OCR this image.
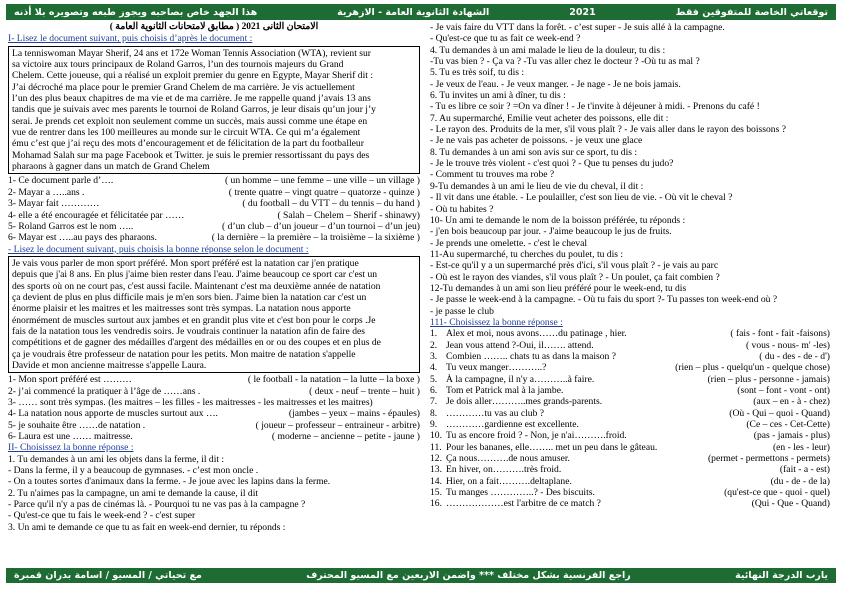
توقعاتي الخاصة للمتفوقين فقط
2021
الشهادة الثانوية العامة - الازهرية
هذا الجهد خاص بصاحبه ويجوز طبعه وتصويره بلا أذنه
الامتحان الثانى 2021 ( مطابق لامتحانات الثانوية العامة )
I- Lisez le document suivant, puis choisis d’après le document :
La tenniswoman Mayar Sherif, 24 ans et 172e Woman Tennis Association (WTA), revient sur
sa victoire aux tours principaux de Roland Garros, l’un des tournois majeurs du Grand
Chelem. Cette joueuse, qui a réalisé un exploit premier du genre en Egypte, Mayar Sherif dit :
J’ai décroché ma place pour le premier Grand Chelem de ma carrière. Je vis actuellement
l’un des plus beaux chapitres de ma vie et de ma carrière. Je me rappelle quand j’avais 13 ans
tandis que je suivais avec mes parents le tournoi de Roland Garros, je leur disais qu’un jour j’y
serai. Je prends cet exploit non seulement comme un succès, mais aussi comme une étape en
vue de rentrer dans les 100 meilleures au monde sur le circuit WTA. Ce qui m’a également
ému c’est que j’ai reçu des mots d’encouragement et de félicitation de la part du footballeur
Mohamad Salah sur ma page Facebook et Twitter. je suis le premier ressortissant du pays des
pharaons à gagner dans un match de Grand Chelem
1- Ce document parle d’….	( un homme – une femme – une ville – un village )
2- Mayar a …..ans .	( trente quatre – vingt quatre – quatorze - quinze )
3- Mayar fait …………	( du football – du VTT – du tennis – du hand )
4- elle a été encouragée et félicitatée par ……	( Salah – Chelem – Sherif - shinawy)
5- Roland Garros est le nom …..	( d’un club – d’un joueur – d’un tournoi – d’un jeu)
6- Mayar est …..au pays des pharaons.	( la dernière – la première – la troisième – la sixième )
- Lisez le document suivant, puis choisis la bonne réponse selon le document :
Je vais vous parler de mon sport préféré. Mon sport préféré est la natation car j'en pratique
depuis que j'ai 8 ans. En plus j'aime bien rester dans l'eau. J'aime beaucoup ce sport car c'est un
des sports où on ne court pas, c'est aussi facile. Maintenant c'est ma deuxième année de natation
ça devient de plus en plus difficile mais je m'en sors bien. J'aime bien la natation car c'est un
énorme plaisir et les maitres et les maitresses sont très sympas. La natation nous apporte
énormément de muscles surtout aux jambes et en grandit plus vite et c'est bon pour le corps .Je
fais de la natation tous les vendredis soirs. Je voudrais continuer la natation afin de faire des
compétitions et de gagner des médailles d'argent des médailles en or ou des coupes et en plus de
ça je voudrais être professeur de natation pour les petits. Mon maitre de natation s'appelle
Davide et mon ancienne maitresse s'appelle Laura.
1- Mon sport préféré est ………	( le football - la natation – la lutte – la boxe )
2- j’ai commencé la pratiquer à l’âge de ……ans .	( deux - neuf – trente – huit )
3- …… sont très sympas. (les maitres – les filles - les maitresses - les maitresses et les maitres)
4- La natation nous apporte de muscles surtout aux ….	(jambes – yeux – mains - épaules)
5- je souhaite être ……de natation .	( joueur – professeur – entraineur - arbitre)
6- Laura est une …… maitresse.	( moderne – ancienne – petite - jaune )
II- Choisissez la bonne réponse :
1. Tu demandes à un ami les objets dans la ferme, il dit :
- Dans la ferme, il y a beaucoup de gymnases. - c’est mon oncle .
- On a toutes sortes d'animaux dans la ferme. - Je joue avec les lapins dans la ferme.
2. Tu n'aimes pas la campagne, un ami te demande la cause, il dit
- Parce qu'il n'y a pas de cinémas là. - Pourquoi tu ne vas pas à la campagne ?
- Qu'est-ce que tu fais le week-end ? - c'est super
3. Un ami te demande ce que tu as fait en week-end dernier, tu réponds :
- Je vais faire du VTT dans la forêt. - c’est super - Je suis allé à la campagne.
- Qu'est-ce que tu as fait ce week-end ?
4. Tu demandes à un ami malade le lieu de la douleur, tu dis :
-Tu vas bien ? - Ça va ? -Tu vas aller chez le docteur ? -Où tu as mal ?
5. Tu es très soif, tu dis :
- Je veux de l'eau. - Je veux manger. - Je nage - Je ne bois jamais.
6. Tu invites un ami à dîner, tu dis :
- Tu es libre ce soir ? =On va dîner ! - Je t'invite à déjeuner à midi. - Prenons du café !
7. Au supermarché, Emilie veut acheter des poissons, elle dit :
- Le rayon des. Produits de la mer, s'il vous plaît ? - Je vais aller dans le rayon des boissons ?
- Je ne vais pas acheter de poissons. - je veux une glace
8. Tu demandes à un ami son avis sur ce sport, tu dis :
- Je le trouve très violent - c'est quoi ? - Que tu penses du judo?
- Comment tu trouves ma robe ?
9-Tu demandes à un ami le lieu de vie du cheval, il dit :
- Il vit dans une étable. - Le poulailler, c'est son lieu de vie. - Où vit le cheval ?
- Où tu habites ?
10- Un ami te demande le nom de la boisson préférée, tu réponds :
- j'en bois beaucoup par jour. - J'aime beaucoup le jus de fruits.
- Je prends une omelette. - c'est le cheval
11-Au supermarché, tu cherches du poulet, tu dis :
- Est-ce qu'il y a un supermarché près d'ici, s'il vous plaît ? - je vais au parc
- Où est le rayon des viandes, s'il vous plaît ? - Un poulet, ça fait combien ?
12-Tu demandes à un ami son lieu préféré pour le week-end, tu dis
- Je passe le week-end à la campagne. - Où tu fais du sport ?- Tu passes ton week-end où ?
- je passe le club
111- Choisissez la bonne réponse :
1. Alex et moi, nous avons……du patinage , hier.	( fais - font - fait -faisons)
2. Jean vous attend ?-Oui, il……. attend.	( vous - nous- m' -les)
3. Combien …….. chats tu as dans la maison ?	( du - des - de - d')
4. Tu veux manger………..?	(rien – plus - quelqu'un - quelque chose)
5. À la campagne, il n'y a………..à faire.	(rien – plus - personne - jamais)
6. Tom et Patrick mal à la jambe.	(sont – font - vont - ont)
7. Je dois aller………..mes grands-parents.	(aux – en - à - chez)
8. …………tu vas au club ?	(Où - Qui – quoi - Quand)
9. …………gardienne est excellente.	(Ce – ces - Cet-Cette)
10. Tu as encore froid ? - Non, je n'ai……….froid.	(pas - jamais - plus)
11. Pour les bananes, elle…….. met un peu dans le gâteau.	(en - les - leur)
12. Ça nous……….de nous amuser.	(permet - permettons - permets)
13. En hiver, on……….très froid.	(fait - a - est)
14. Hier, on a fait……….deltaplane.	(du - de - de la)
15. Tu manges …………..? - Des biscuits.	(qu'est-ce que - quoi - quel)
16. ………………est l'arbitre de ce match ?	(Qui - Que - Quand)
يارب الدرجة النهائية
راجع الفرنسية بشكل مختلف *** واضمن الاربعين مع المسيو المحترف
مع تحياتي / المسيو / اسامة بدران قمبرة
